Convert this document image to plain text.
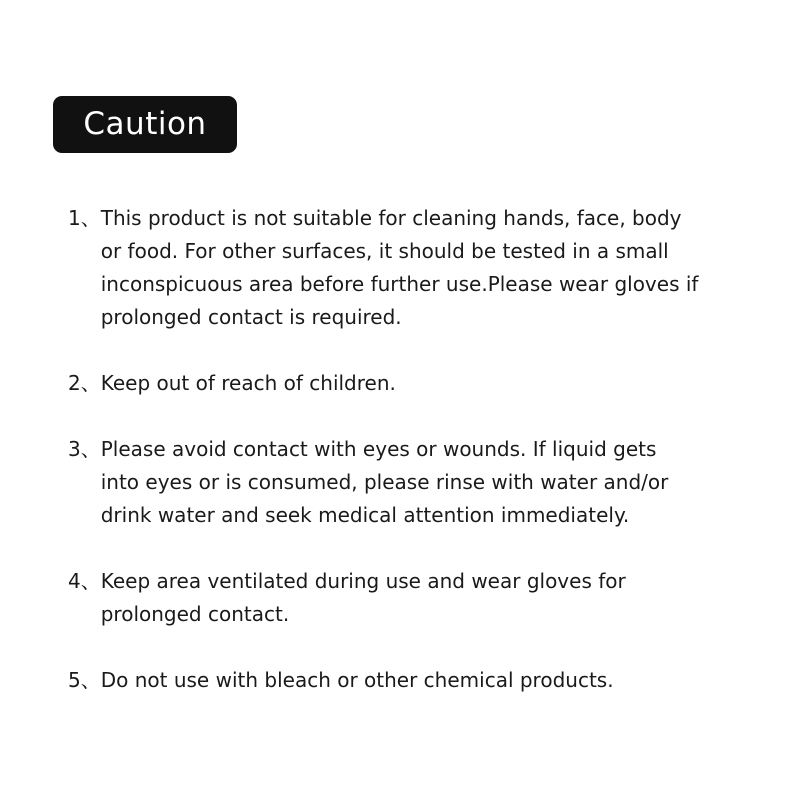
Caution
1、 This product is not suitable for cleaning hands, face, body
or food. For other surfaces, it should be tested in a small
inconspicuous area before further use.Please wear gloves if
prolonged contact is required.
2、 Keep out of reach of children.
3、 Please avoid contact with eyes or wounds. If liquid gets
into eyes or is consumed, please rinse with water and/or
drink water and seek medical attention immediately.
4、 Keep area ventilated during use and wear gloves for
prolonged contact.
5、 Do not use with bleach or other chemical products.
